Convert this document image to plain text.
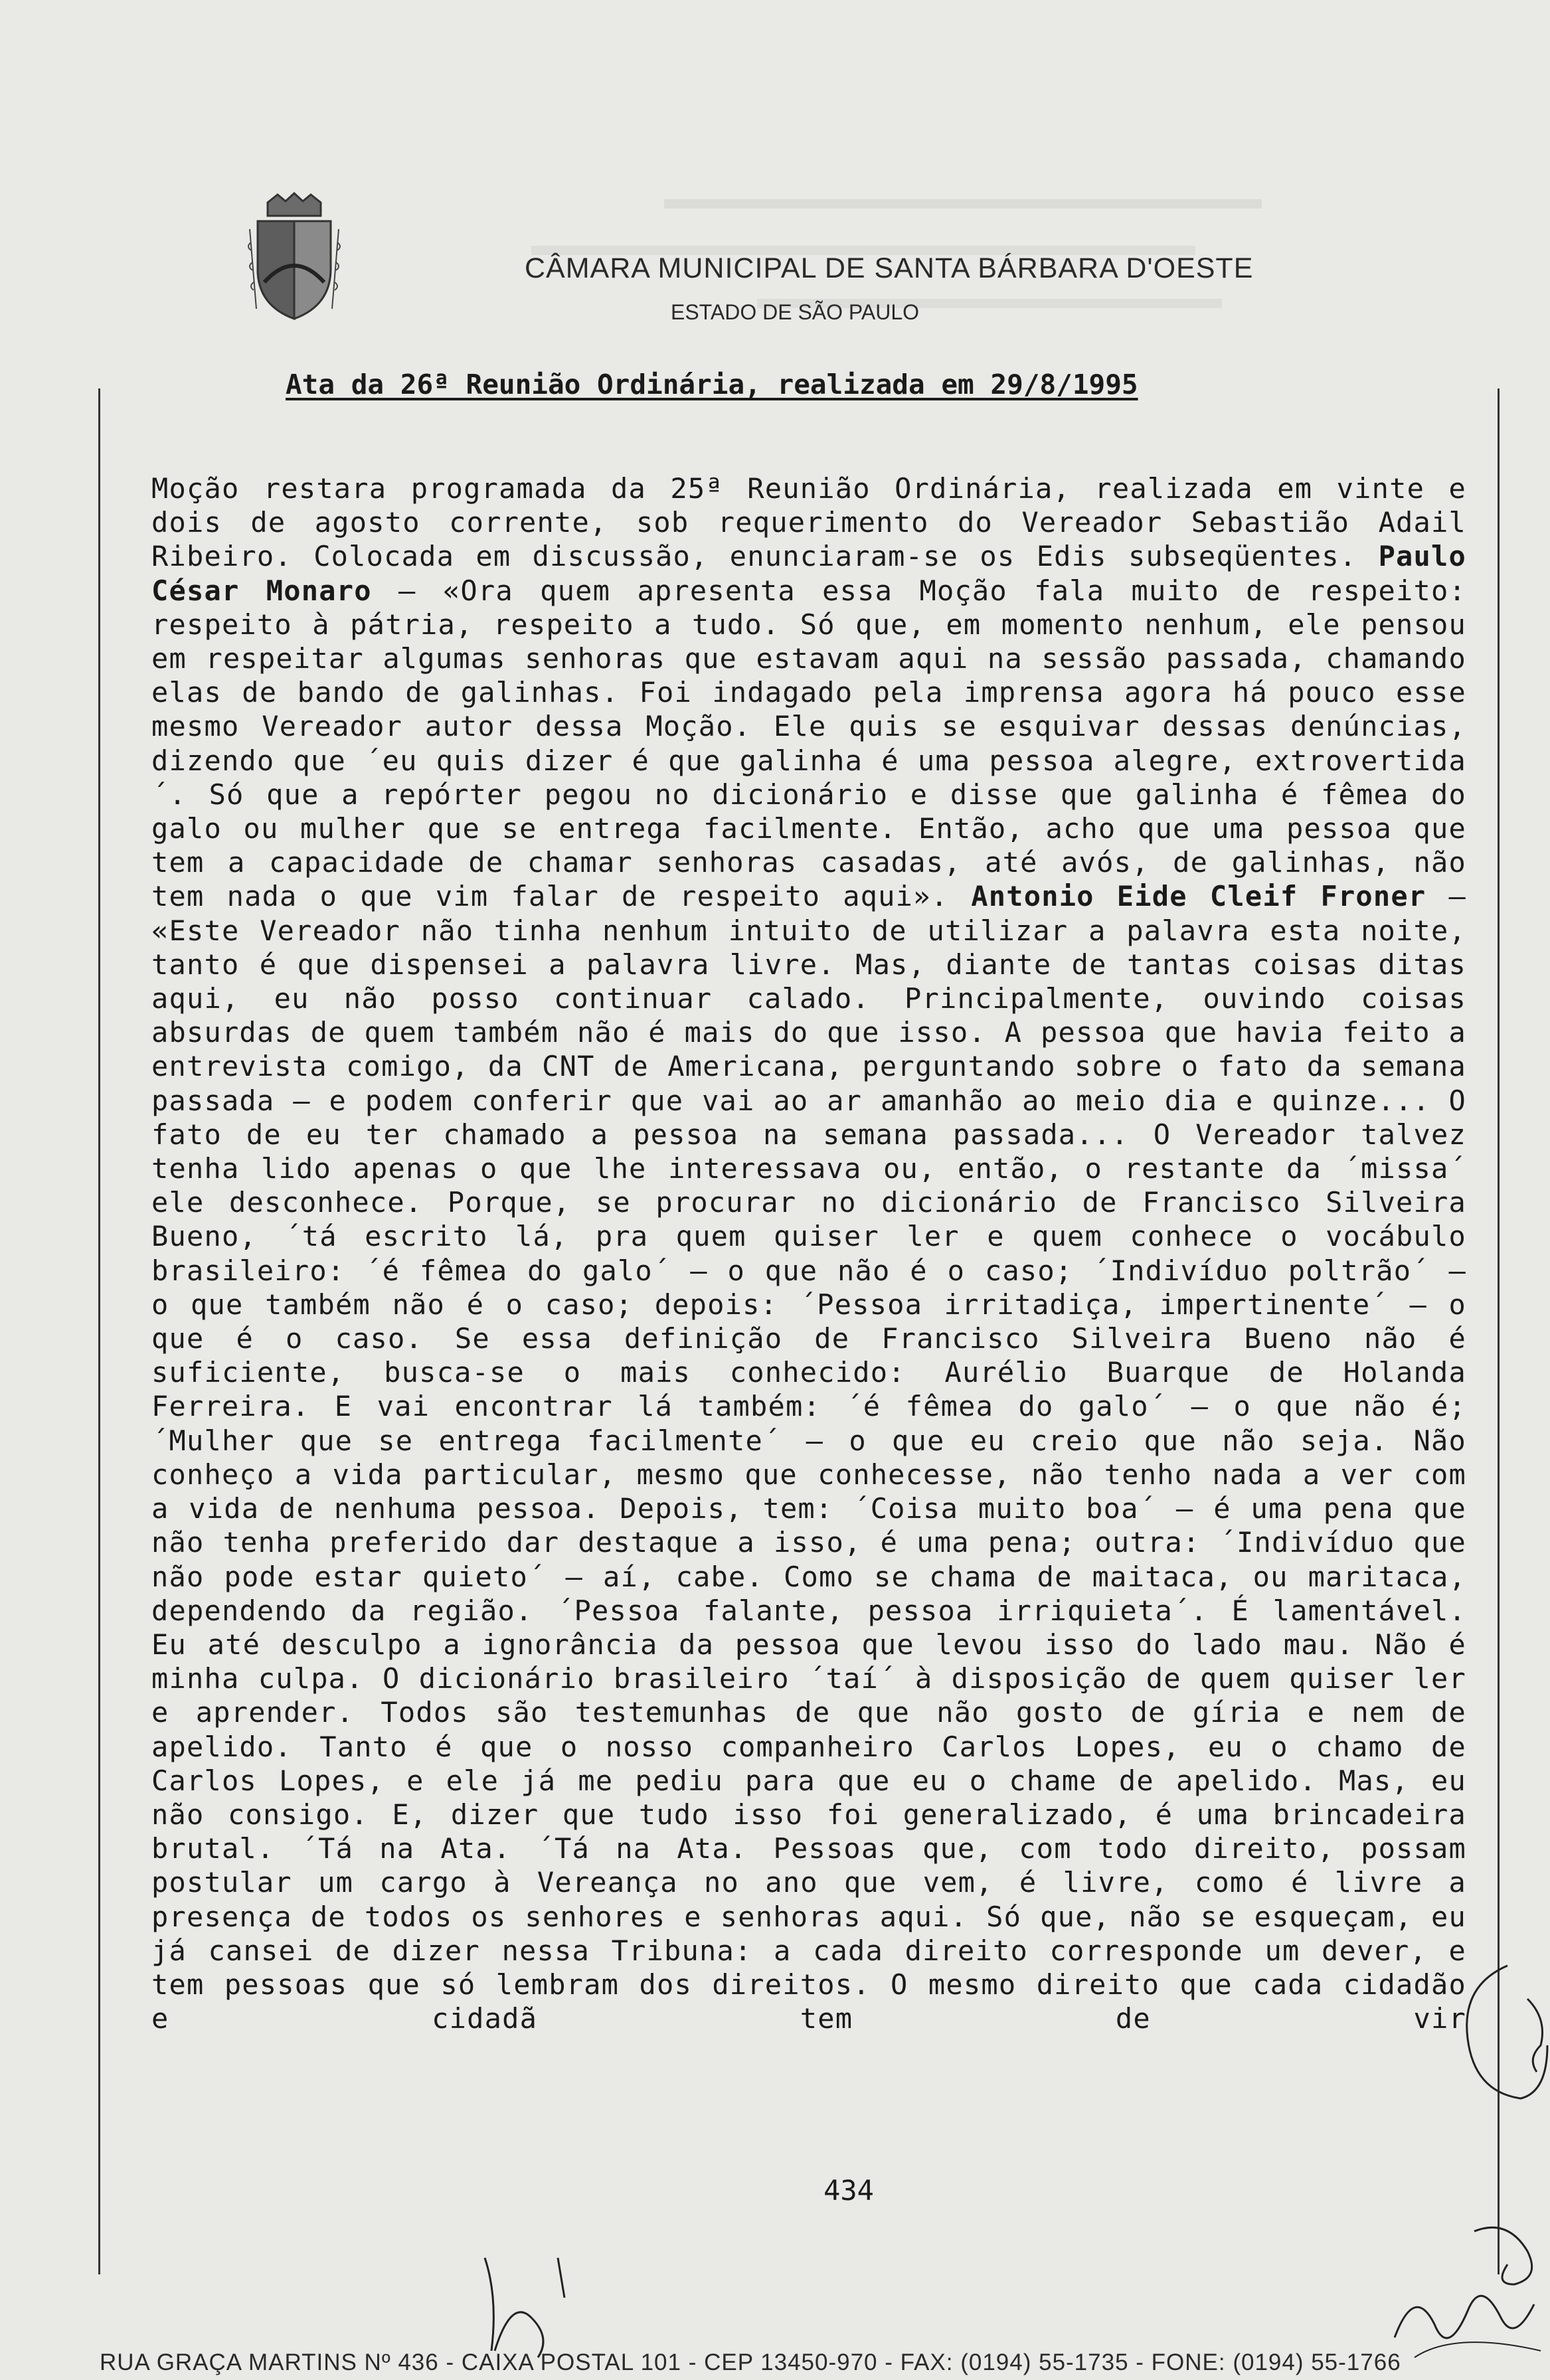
CÂMARA MUNICIPAL DE SANTA BÁRBARA D'OESTE
ESTADO DE SÃO PAULO
Ata da 26ª Reunião Ordinária, realizada em 29/8/1995

Moção restara programada da 25ª Reunião Ordinária, realizada em vinte e dois de agosto corrente, sob requerimento do Vereador Sebastião Adail Ribeiro. Colocada em discussão, enunciaram-se os Edis subseqüentes. Paulo César Monaro – «Ora quem apresenta essa Moção fala muito de respeito: respeito à pátria, respeito a tudo. Só que, em momento nenhum, ele pensou em respeitar algumas senhoras que estavam aqui na sessão passada, chamando elas de bando de galinhas. Foi indagado pela imprensa agora há pouco esse mesmo Vereador autor dessa Moção. Ele quis se esquivar dessas denúncias, dizendo que ´eu quis dizer é que galinha é uma pessoa alegre, extrovertida´. Só que a repórter pegou no dicionário e disse que galinha é fêmea do galo ou mulher que se entrega facilmente. Então, acho que uma pessoa que tem a capacidade de chamar senhoras casadas, até avós, de galinhas, não tem nada o que vim falar de respeito aqui». Antonio Eide Cleif Froner – «Este Vereador não tinha nenhum intuito de utilizar a palavra esta noite, tanto é que dispensei a palavra livre. Mas, diante de tantas coisas ditas aqui, eu não posso continuar calado. Principalmente, ouvindo coisas absurdas de quem também não é mais do que isso. A pessoa que havia feito a entrevista comigo, da CNT de Americana, perguntando sobre o fato da semana passada – e podem conferir que vai ao ar amanhão ao meio dia e quinze... O fato de eu ter chamado a pessoa na semana passada... O Vereador talvez tenha lido apenas o que lhe interessava ou, então, o restante da ´missa´ ele desconhece. Porque, se procurar no dicionário de Francisco Silveira Bueno, ´tá escrito lá, pra quem quiser ler e quem conhece o vocábulo brasileiro: ´é fêmea do galo´ – o que não é o caso; ´Indivíduo poltrão´ – o que também não é o caso; depois: ´Pessoa irritadiça, impertinente´ – o que é o caso. Se essa definição de Francisco Silveira Bueno não é suficiente, busca-se o mais conhecido: Aurélio Buarque de Holanda Ferreira. E vai encontrar lá também: ´é fêmea do galo´ – o que não é; ´Mulher que se entrega facilmente´ – o que eu creio que não seja. Não conheço a vida particular, mesmo que conhecesse, não tenho nada a ver com a vida de nenhuma pessoa. Depois, tem: ´Coisa muito boa´ – é uma pena que não tenha preferido dar destaque a isso, é uma pena; outra: ´Indivíduo que não pode estar quieto´ – aí, cabe. Como se chama de maitaca, ou maritaca, dependendo da região. ´Pessoa falante, pessoa irriquieta´. É lamentável. Eu até desculpo a ignorância da pessoa que levou isso do lado mau. Não é minha culpa. O dicionário brasileiro ´taí´ à disposição de quem quiser ler e aprender. Todos são testemunhas de que não gosto de gíria e nem de apelido. Tanto é que o nosso companheiro Carlos Lopes, eu o chamo de Carlos Lopes, e ele já me pediu para que eu o chame de apelido. Mas, eu não consigo. E, dizer que tudo isso foi generalizado, é uma brincadeira brutal. ´Tá na Ata. ´Tá na Ata. Pessoas que, com todo direito, possam postular um cargo à Vereança no ano que vem, é livre, como é livre a presença de todos os senhores e senhoras aqui. Só que, não se esqueçam, eu já cansei de dizer nessa Tribuna: a cada direito corresponde um dever, e tem pessoas que só lembram dos direitos. O mesmo direito que cada cidadão e cidadã tem de vir

434
RUA GRAÇA MARTINS Nº 436 - CAIXA POSTAL 101 - CEP 13450-970 - FAX: (0194) 55-1735 - FONE: (0194) 55-1766
